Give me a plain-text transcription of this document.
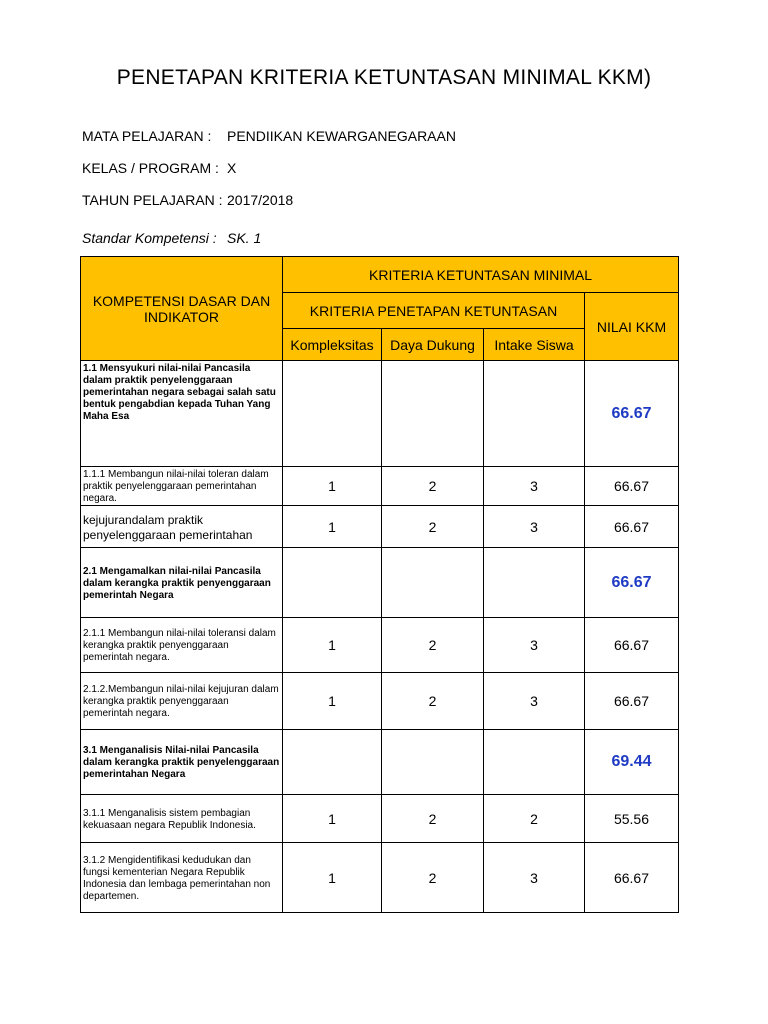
PENETAPAN KRITERIA KETUNTASAN MINIMAL KKM)
MATA PELAJARAN : PENDIIKAN KEWARGANEGARAAN
KELAS / PROGRAM : X
TAHUN PELAJARAN : 2017/2018
Standar Kompetensi : SK. 1
KOMPETENSI DASAR DAN INDIKATOR	KRITERIA KETUNTASAN MINIMAL			
	KRITERIA PENETAPAN KETUNTASAN			NILAI KKM
	Kompleksitas	Daya Dukung	Intake Siswa	
1.1 Mensyukuri nilai-nilai Pancasila dalam praktik penyelenggaraan pemerintahan negara sebagai salah satu bentuk pengabdian kepada Tuhan Yang Maha Esa				66.67
1.1.1 Membangun nilai-nilai toleran dalam praktik penyelenggaraan pemerintahan negara.	1	2	3	66.67
kejujurandalam praktik penyelenggaraan pemerintahan	1	2	3	66.67
2.1 Mengamalkan nilai-nilai Pancasila dalam kerangka praktik penyenggaraan pemerintah Negara				66.67
2.1.1 Membangun nilai-nilai toleransi dalam kerangka praktik penyenggaraan pemerintah negara.	1	2	3	66.67
2.1.2.Membangun nilai-nilai kejujuran dalam kerangka praktik penyenggaraan pemerintah negara.	1	2	3	66.67
3.1 Menganalisis Nilai-nilai Pancasila dalam kerangka praktik penyelenggaraan pemerintahan Negara				69.44
3.1.1 Menganalisis sistem pembagian kekuasaan negara Republik Indonesia.	1	2	2	55.56
3.1.2 Mengidentifikasi kedudukan dan fungsi kementerian Negara Republik Indonesia dan lembaga pemerintahan non departemen.	1	2	3	66.67
